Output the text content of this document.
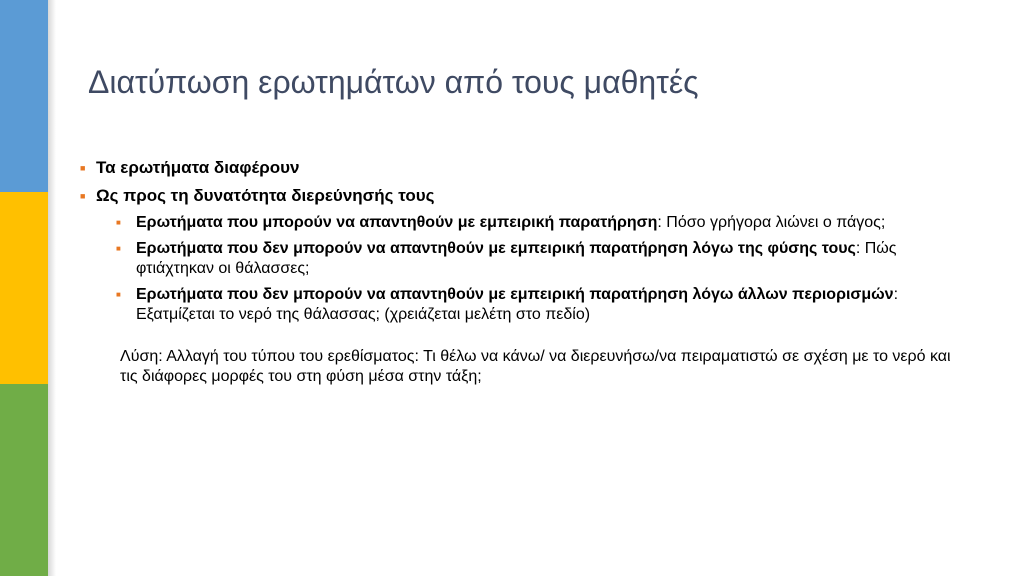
Διατύπωση ερωτημάτων από τους μαθητές
■ Τα ερωτήματα διαφέρουν
■ Ως προς τη δυνατότητα διερεύνησής τους
■ Ερωτήματα που μπορούν να απαντηθούν με εμπειρική παρατήρηση: Πόσο γρήγορα λιώνει ο πάγος;
■ Ερωτήματα που δεν μπορούν να απαντηθούν με εμπειρική παρατήρηση λόγω της φύσης τους: Πώς φτιάχτηκαν οι θάλασσες;
■ Ερωτήματα που δεν μπορούν να απαντηθούν με εμπειρική παρατήρηση λόγω άλλων περιορισμών: Εξατμίζεται το νερό της θάλασσας; (χρειάζεται μελέτη στο πεδίο)
Λύση: Αλλαγή του τύπου του ερεθίσματος: Τι θέλω να κάνω/ να διερευνήσω/να πειραματιστώ σε σχέση με το νερό και τις διάφορες μορφές του στη φύση μέσα στην τάξη;
